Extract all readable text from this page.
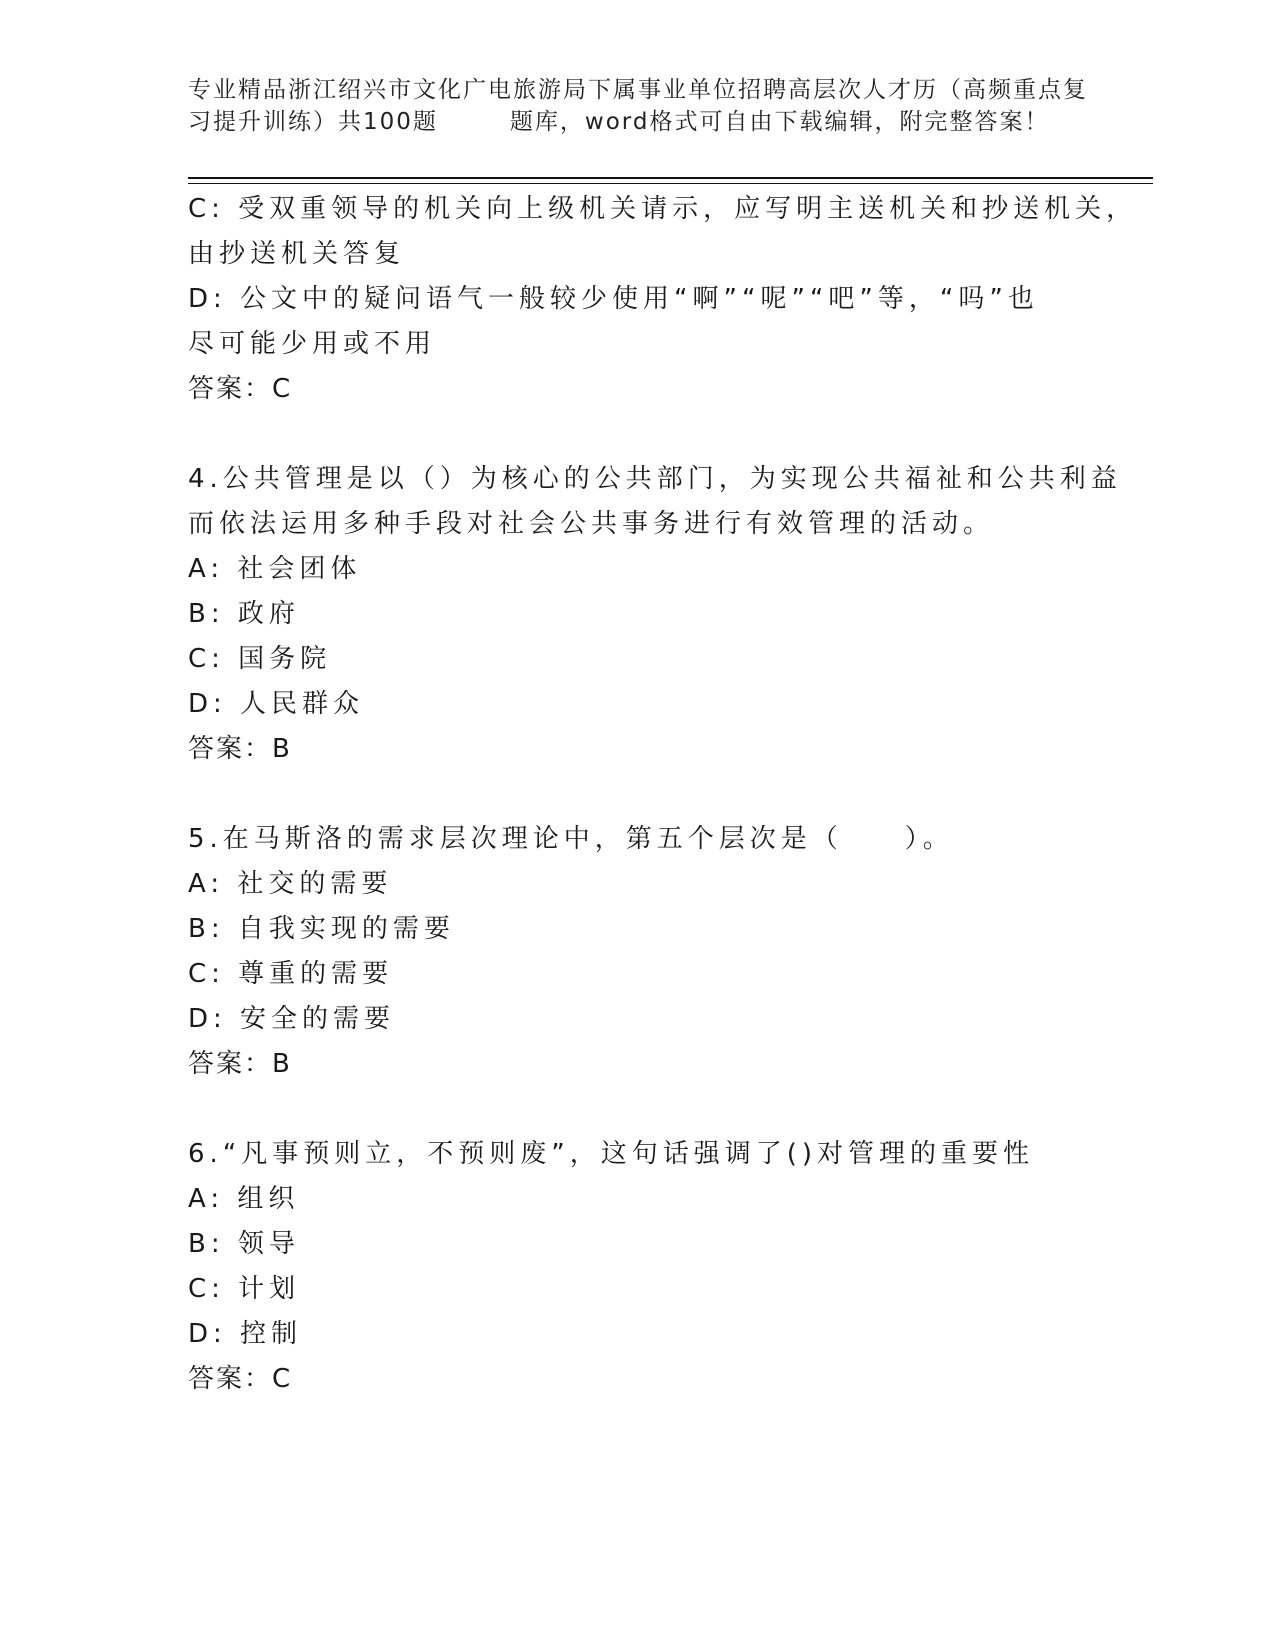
专业精品浙江绍兴市文化广电旅游局下属事业单位招聘高层次人才历（高频重点复
习提升训练）共100题	题库，word格式可自由下载编辑，附完整答案！
C: 受双重领导的机关向上级机关请示，应写明主送机关和抄送机关，
由抄送机关答复
D: 公文中的疑问语气一般较少使用“啊”“呢”“吧”等，“吗”也
尽可能少用或不用
答案：C
4.公共管理是以（）为核心的公共部门，为实现公共福祉和公共利益
而依法运用多种手段对社会公共事务进行有效管理的活动。
A: 社会团体
B: 政府
C: 国务院
D: 人民群众
答案：B
5.在马斯洛的需求层次理论中，第五个层次是（　　）。
A: 社交的需要
B: 自我实现的需要
C: 尊重的需要
D: 安全的需要
答案：B
6.“凡事预则立，不预则废”，这句话强调了()对管理的重要性
A: 组织
B: 领导
C: 计划
D: 控制
答案：C
